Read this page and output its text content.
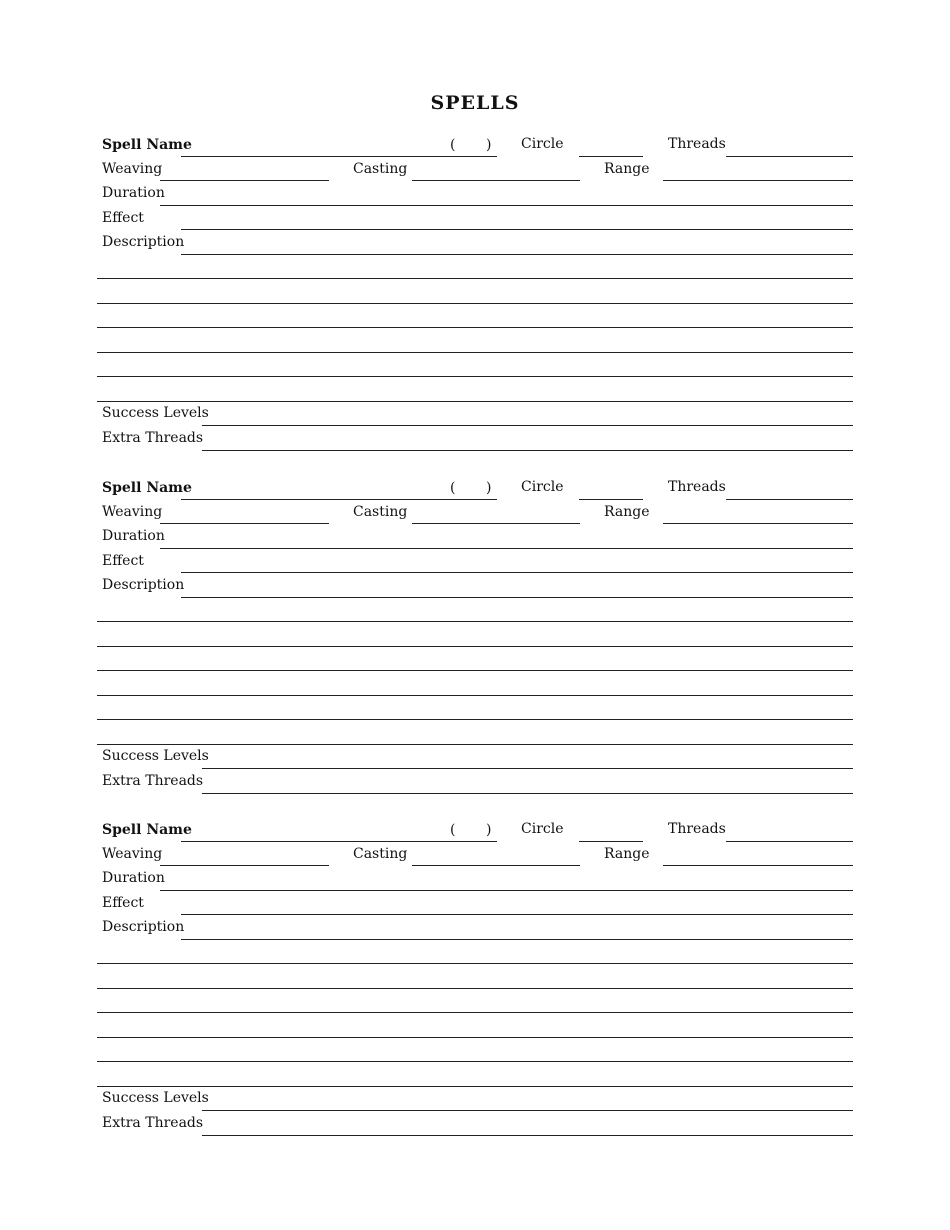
SPELLS
Spell Name	( ) Circle	Threads
Weaving	Casting	Range
Duration
Effect
Description
Success Levels
Extra Threads
Spell Name	( ) Circle	Threads
Weaving	Casting	Range
Duration
Effect
Description
Success Levels
Extra Threads
Spell Name	( ) Circle	Threads
Weaving	Casting	Range
Duration
Effect
Description
Success Levels
Extra Threads
